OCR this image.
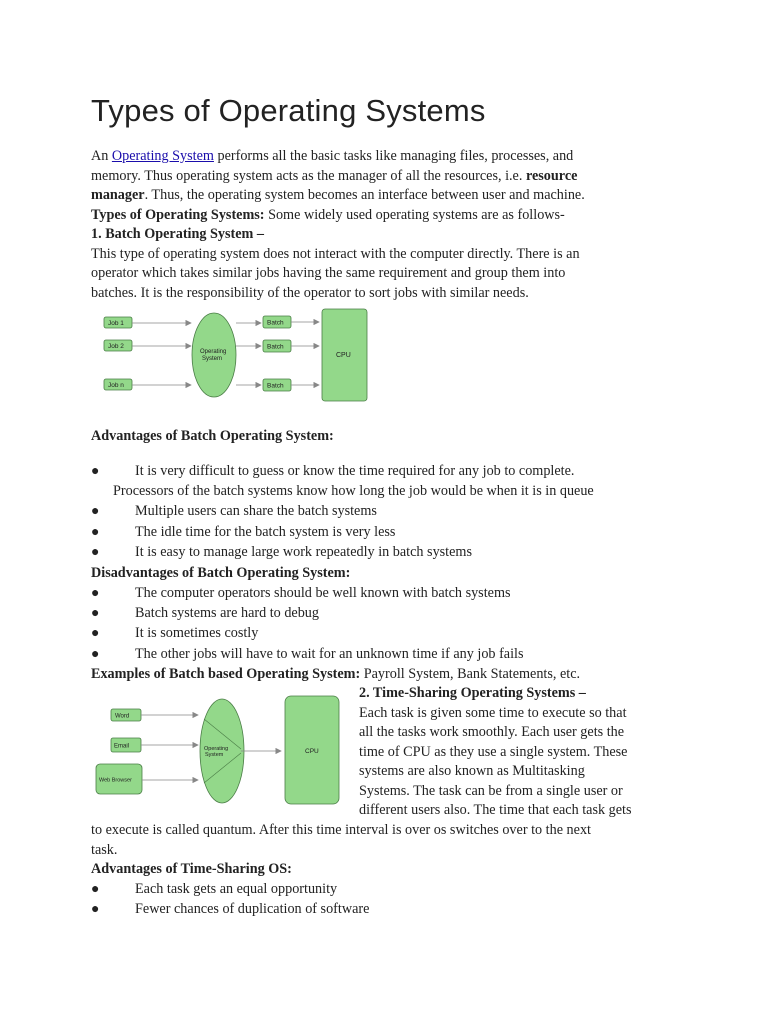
Types of Operating Systems
An Operating System performs all the basic tasks like managing files, processes, and
memory. Thus operating system acts as the manager of all the resources, i.e. resource
manager. Thus, the operating system becomes an interface between user and machine.
Types of Operating Systems: Some widely used operating systems are as follows-
1. Batch Operating System –
This type of operating system does not interact with the computer directly. There is an
operator which takes similar jobs having the same requirement and group them into
batches. It is the responsibility of the operator to sort jobs with similar needs.
Job 1
Job 2
Job n
Operating
System
Batch
Batch
Batch
CPU
Advantages of Batch Operating System:
●	It is very difficult to guess or know the time required for any job to complete.
Processors of the batch systems know how long the job would be when it is in queue
●	Multiple users can share the batch systems
●	The idle time for the batch system is very less
●	It is easy to manage large work repeatedly in batch systems
Disadvantages of Batch Operating System:
●	The computer operators should be well known with batch systems
●	Batch systems are hard to debug
●	It is sometimes costly
●	The other jobs will have to wait for an unknown time if any job fails
Examples of Batch based Operating System: Payroll System, Bank Statements, etc.
Word
Email
Web Browser
Operating
System	CPU
2. Time-Sharing Operating Systems –
Each task is given some time to execute so that
all the tasks work smoothly. Each user gets the
time of CPU as they use a single system. These
systems are also known as Multitasking
Systems. The task can be from a single user or
different users also. The time that each task gets
to execute is called quantum. After this time interval is over os switches over to the next
task.
Advantages of Time-Sharing OS:
●	Each task gets an equal opportunity
●	Fewer chances of duplication of software
